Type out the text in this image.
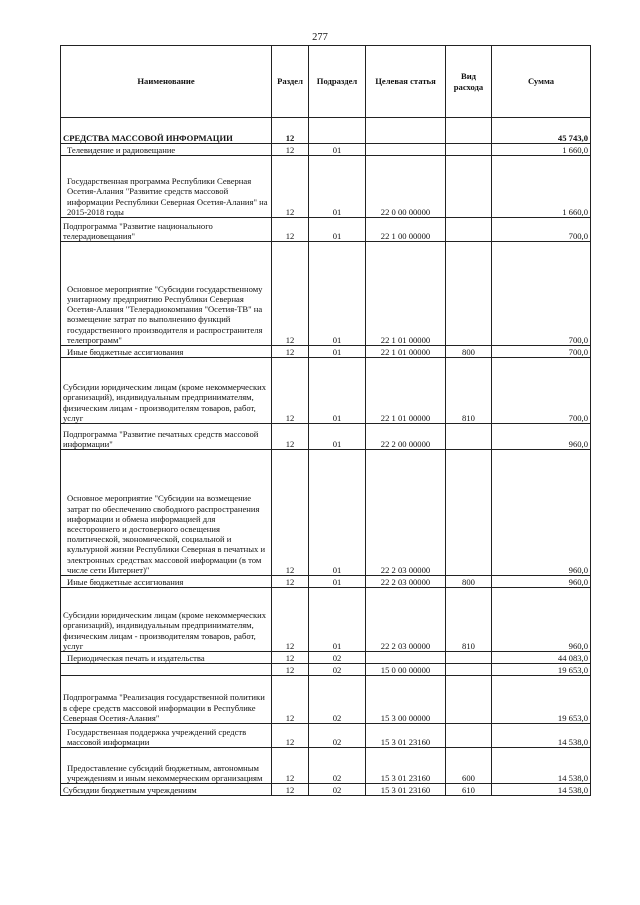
277
Наименование	Раздел	Подраздел	Целевая статья	Вид расхода	Сумма
СРЕДСТВА МАССОВОЙ ИНФОРМАЦИИ	12				45 743,0
Телевидение и радиовещание	12	01			1 660,0
Государственная программа Республики Северная Осетия-Алания "Развитие средств массовой информации Республики Северная Осетия-Алания" на 2015-2018 годы	12	01	22 0 00 00000		1 660,0
Подпрограмма "Развитие национального телерадиовещания"	12	01	22 1 00 00000		700,0
Основное мероприятие "Субсидии государственному унитарному предприятию Республики Северная Осетия-Алания "Телерадиокомпания "Осетия-ТВ" на возмещение затрат по выполнению функций государственного производителя и распространителя телепрограмм"	12	01	22 1 01 00000		700,0
Иные бюджетные ассигнования	12	01	22 1 01 00000	800	700,0
Субсидии юридическим лицам (кроме некоммерческих организаций), индивидуальным предпринимателям, физическим лицам - производителям товаров, работ, услуг	12	01	22 1 01 00000	810	700,0
Подпрограмма "Развитие печатных средств массовой информации"	12	01	22 2 00 00000		960,0
Основное мероприятие "Субсидии на возмещение затрат по обеспечению свободного распространения информации и обмена информацией для всестороннего и достоверного освещения политической, экономической, социальной и культурной жизни Республики Северная в печатных и электронных средствах массовой информации (в том числе сети Интернет)"	12	01	22 2 03 00000		960,0
Иные бюджетные ассигнования	12	01	22 2 03 00000	800	960,0
Субсидии юридическим лицам (кроме некоммерческих организаций), индивидуальным предпринимателям, физическим лицам - производителям товаров, работ, услуг	12	01	22 2 03 00000	810	960,0
Периодическая печать и издательства	12	02			44 083,0
	12	02	15 0 00 00000		19 653,0
Подпрограмма "Реализация государственной политики в сфере средств массовой информации в Республике Северная Осетия-Алания"	12	02	15 3 00 00000		19 653,0
Государственная поддержка учреждений средств массовой информации	12	02	15 3 01 23160		14 538,0
Предоставление субсидий бюджетным, автономным учреждениям и иным некоммерческим организациям	12	02	15 3 01 23160	600	14 538,0
Субсидии бюджетным учреждениям	12	02	15 3 01 23160	610	14 538,0
